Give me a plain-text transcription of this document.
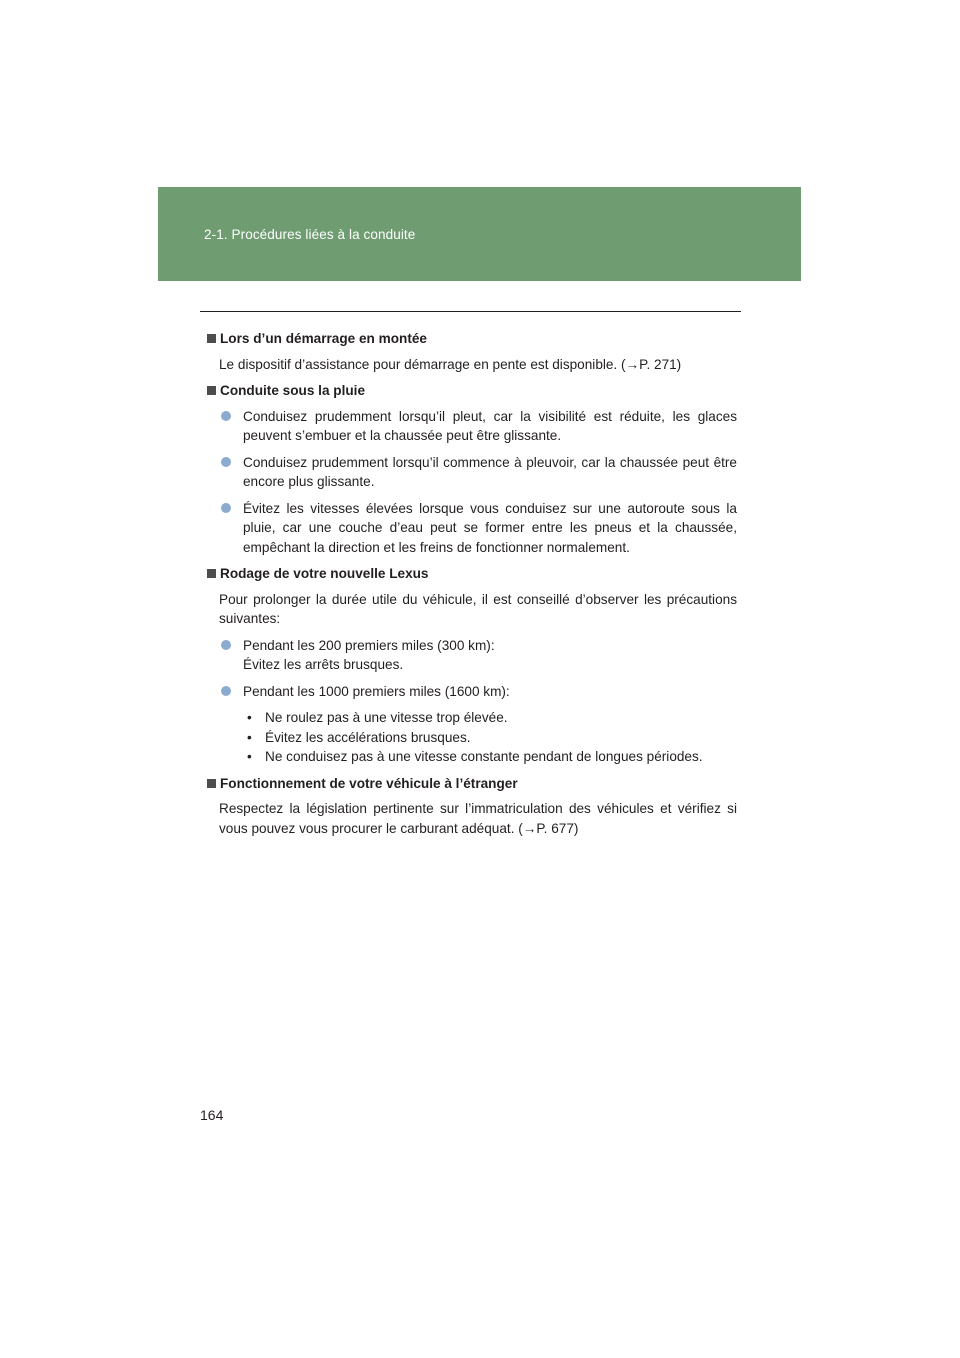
2-1. Procédures liées à la conduite
Lors d’un démarrage en montée

Le dispositif d’assistance pour démarrage en pente est disponible. (→P. 271)

Conduite sous la pluie
Conduisez prudemment lorsqu’il pleut, car la visibilité est réduite, les glaces peuvent s’embuer et la chaussée peut être glissante.
Conduisez prudemment lorsqu’il commence à pleuvoir, car la chaussée peut être encore plus glissante.
Évitez les vitesses élevées lorsque vous conduisez sur une autoroute sous la pluie, car une couche d’eau peut se former entre les pneus et la chaussée, empêchant la direction et les freins de fonctionner normalement.
Rodage de votre nouvelle Lexus

Pour prolonger la durée utile du véhicule, il est conseillé d’observer les précautions suivantes:

Pendant les 200 premiers miles (300 km):
Évitez les arrêts brusques.
Pendant les 1000 premiers miles (1600 km):
• Ne roulez pas à une vitesse trop élevée.
• Évitez les accélérations brusques.
• Ne conduisez pas à une vitesse constante pendant de longues périodes.
Fonctionnement de votre véhicule à l’étranger

Respectez la législation pertinente sur l’immatriculation des véhicules et vérifiez si vous pouvez vous procurer le carburant adéquat. (→P. 677)

164
